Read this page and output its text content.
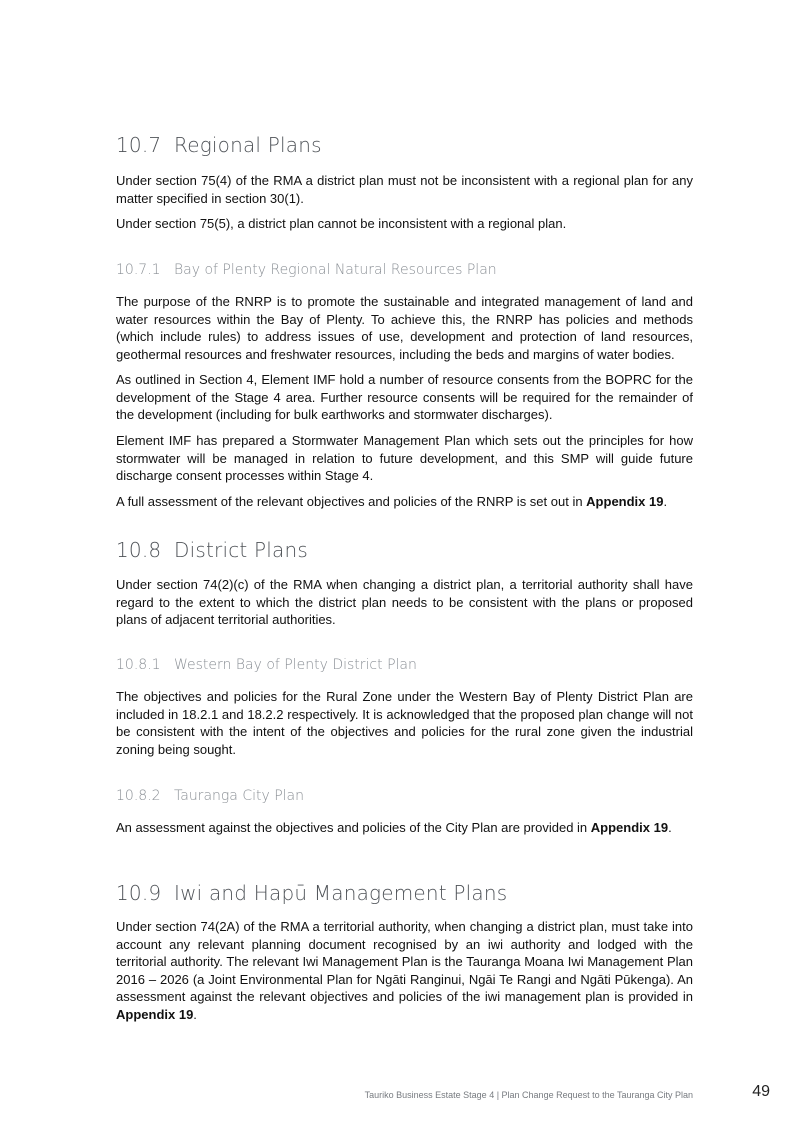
10.7 Regional Plans

Under section 75(4) of the RMA a district plan must not be inconsistent with a regional plan for any matter specified in section 30(1).

Under section 75(5), a district plan cannot be inconsistent with a regional plan.

10.7.1 Bay of Plenty Regional Natural Resources Plan

The purpose of the RNRP is to promote the sustainable and integrated management of land and water resources within the Bay of Plenty. To achieve this, the RNRP has policies and methods (which include rules) to address issues of use, development and protection of land resources, geothermal resources and freshwater resources, including the beds and margins of water bodies.

As outlined in Section 4, Element IMF hold a number of resource consents from the BOPRC for the development of the Stage 4 area. Further resource consents will be required for the remainder of the development (including for bulk earthworks and stormwater discharges).

Element IMF has prepared a Stormwater Management Plan which sets out the principles for how stormwater will be managed in relation to future development, and this SMP will guide future discharge consent processes within Stage 4.

A full assessment of the relevant objectives and policies of the RNRP is set out in Appendix 19.

10.8 District Plans

Under section 74(2)(c) of the RMA when changing a district plan, a territorial authority shall have regard to the extent to which the district plan needs to be consistent with the plans or proposed plans of adjacent territorial authorities.

10.8.1 Western Bay of Plenty District Plan

The objectives and policies for the Rural Zone under the Western Bay of Plenty District Plan are included in 18.2.1 and 18.2.2 respectively. It is acknowledged that the proposed plan change will not be consistent with the intent of the objectives and policies for the rural zone given the industrial zoning being sought.

10.8.2 Tauranga City Plan

An assessment against the objectives and policies of the City Plan are provided in Appendix 19.

10.9 Iwi and Hapū Management Plans

Under section 74(2A) of the RMA a territorial authority, when changing a district plan, must take into account any relevant planning document recognised by an iwi authority and lodged with the territorial authority. The relevant Iwi Management Plan is the Tauranga Moana Iwi Management Plan 2016 – 2026 (a Joint Environmental Plan for Ngāti Ranginui, Ngāi Te Rangi and Ngāti Pūkenga). An assessment against the relevant objectives and policies of the iwi management plan is provided in Appendix 19.

Tauriko Business Estate Stage 4 | Plan Change Request to the Tauranga City Plan	49
